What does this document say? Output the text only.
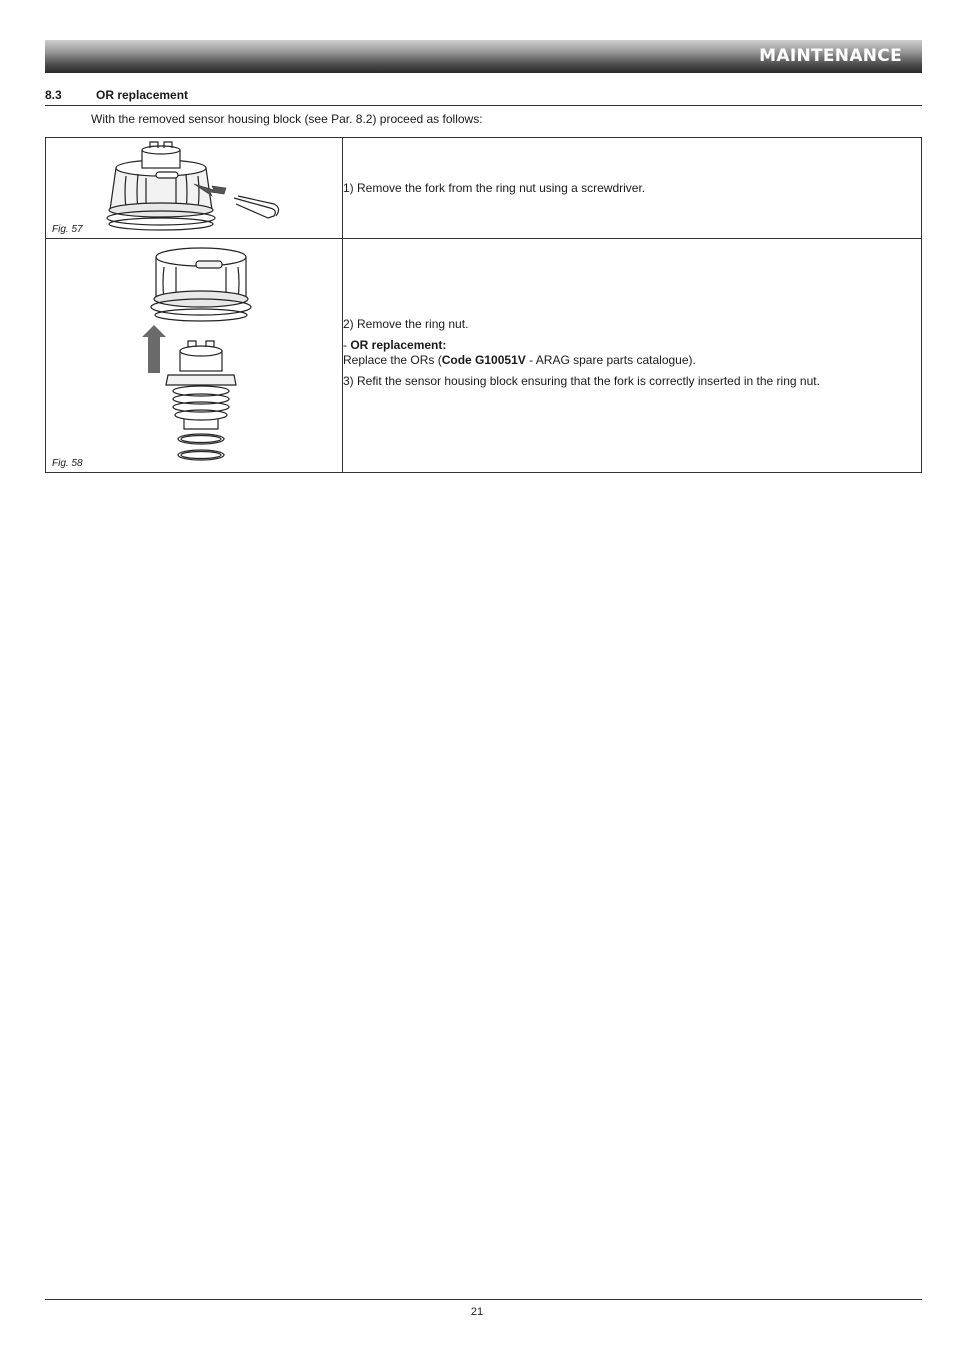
MAINTENANCE
8.3	OR replacement
With the removed sensor housing block (see Par. 8.2) proceed as follows:
Fig. 57	1) Remove the fork from the ring nut using a screwdriver.

Fig. 58	2) Remove the ring nut.

- OR replacement:
Replace the ORs (Code G10051V - ARAG spare parts catalogue).

3) Refit the sensor housing block ensuring that the fork is correctly inserted in the ring nut.

21
